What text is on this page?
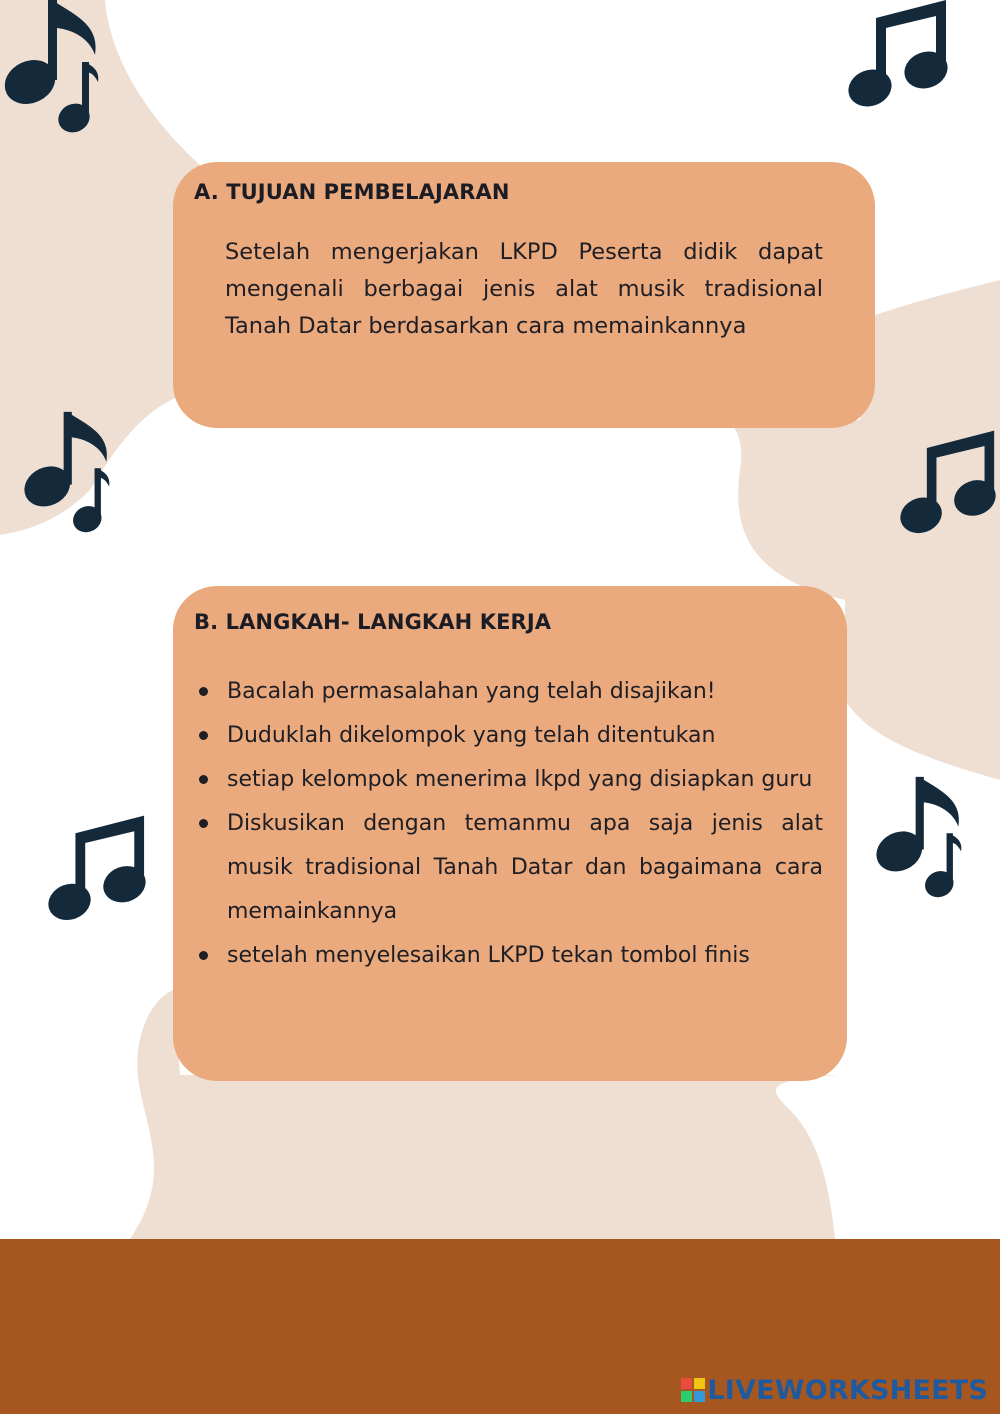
A. TUJUAN PEMBELAJARAN

Setelah mengerjakan LKPD Peserta didik dapat mengenali berbagai jenis alat musik tradisional Tanah Datar berdasarkan cara memainkannya

B. LANGKAH- LANGKAH KERJA
Bacalah permasalahan yang telah disajikan!
Duduklah dikelompok yang telah ditentukan
setiap kelompok menerima lkpd yang disiapkan guru
Diskusikan dengan temanmu apa saja jenis alat musik tradisional Tanah Datar dan bagaimana cara memainkannya
setelah menyelesaikan LKPD tekan tombol finis
LIVEWORKSHEETS
